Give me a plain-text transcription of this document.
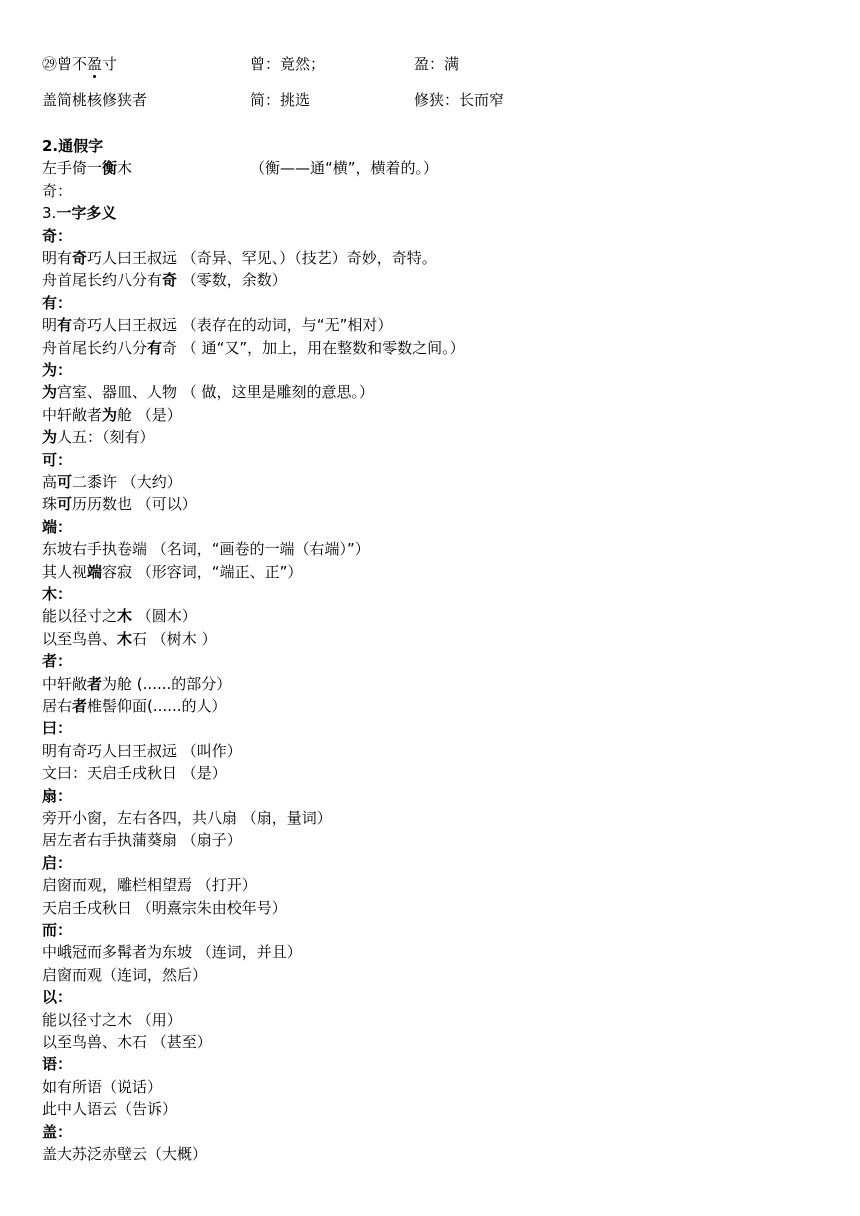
㉙曾不盈寸	曾：竟然；	盈：满
盖简桃核修狭者	简：挑选	修狭：长而窄
2.通假字
左手倚一衡木	（衡——通“横”，横着的。）
奇：
3.一字多义
奇：
明有奇巧人曰王叔远 （奇异、罕见、）（技艺）奇妙，奇特。
舟首尾长约八分有奇 （零数，余数）
有：
明有奇巧人曰王叔远 （表存在的动词，与“无”相对）
舟首尾长约八分有奇 （ 通“又”，加上，用在整数和零数之间。）
为：
为宫室、器皿、人物 （ 做，这里是雕刻的意思。）
中轩敞者为舱 （是）
为人五：（刻有）
可：
高可二黍许 （大约）
珠可历历数也 （可以）
端：
东坡右手执卷端 （名词，“画卷的一端（右端）”）
其人视端容寂 （形容词，“端正、正”）
木：
能以径寸之木 （圆木）
以至鸟兽、木石 （树木 ）
者：
中轩敞者为舱 (......的部分）
居右者椎髻仰面(......的人）
曰：
明有奇巧人曰王叔远 （叫作）
文曰：天启壬戌秋日 （是）
扇：
旁开小窗，左右各四，共八扇 （扇，量词）
居左者右手执蒲葵扇 （扇子）
启：
启窗而观，雕栏相望焉 （打开）
天启壬戌秋日 （明熹宗朱由校年号）
而：
中峨冠而多髯者为东坡 （连词，并且）
启窗而观（连词，然后）
以：
能以径寸之木 （用）
以至鸟兽、木石 （甚至）
语：
如有所语（说话）
此中人语云（告诉）
盖：
盖大苏泛赤壁云（大概）
